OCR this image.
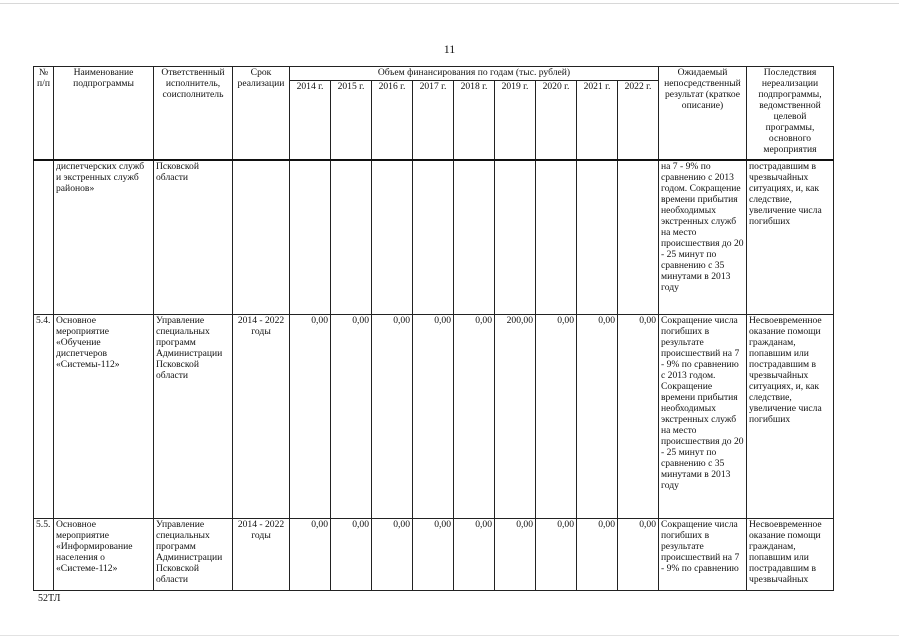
11
№ п/п	Наименование подпрограммы	Ответственный исполнитель, соисполнитель	Срок реализации	Объем финансирования по годам (тыс. рублей)									Ожидаемый непосредственный результат (краткое описание)	Последствия нереализации подпрограммы, ведомственной целевой программы, основного мероприятия
				2014 г.	2015 г.	2016 г.	2017 г.	2018 г.	2019 г.	2020 г.	2021 г.	2022 г.		
	диспетчерских служб и экстренных служб районов»	Псковской области											на 7 - 9% по сравнению с 2013 годом. Сокращение времени прибытия необходимых экстренных служб на место происшествия до 20 - 25 минут по сравнению с 35 минутами в 2013 году	пострадавшим в чрезвычайных ситуациях, и, как следствие, увеличение числа погибших
5.4.	Основное мероприятие «Обучение диспетчеров «Системы-112»	Управление специальных программ Администрации Псковской области	2014 - 2022 годы	0,00	0,00	0,00	0,00	0,00	200,00	0,00	0,00	0,00	Сокращение числа погибших в результате происшествий на 7 - 9% по сравнению с 2013 годом. Сокращение времени прибытия необходимых экстренных служб на место происшествия до 20 - 25 минут по сравнению с 35 минутами в 2013 году	Несвоевременное оказание помощи гражданам, попавшим или пострадавшим в чрезвычайных ситуациях, и, как следствие, увеличение числа погибших
5.5.	Основное мероприятие «Информирование населения о «Системе-112»	Управление специальных программ Администрации Псковской области	2014 - 2022 годы	0,00	0,00	0,00	0,00	0,00	0,00	0,00	0,00	0,00	Сокращение числа погибших в результате происшествий на 7 - 9% по сравнению	Несвоевременное оказание помощи гражданам, попавшим или пострадавшим в чрезвычайных
52ТЛ
